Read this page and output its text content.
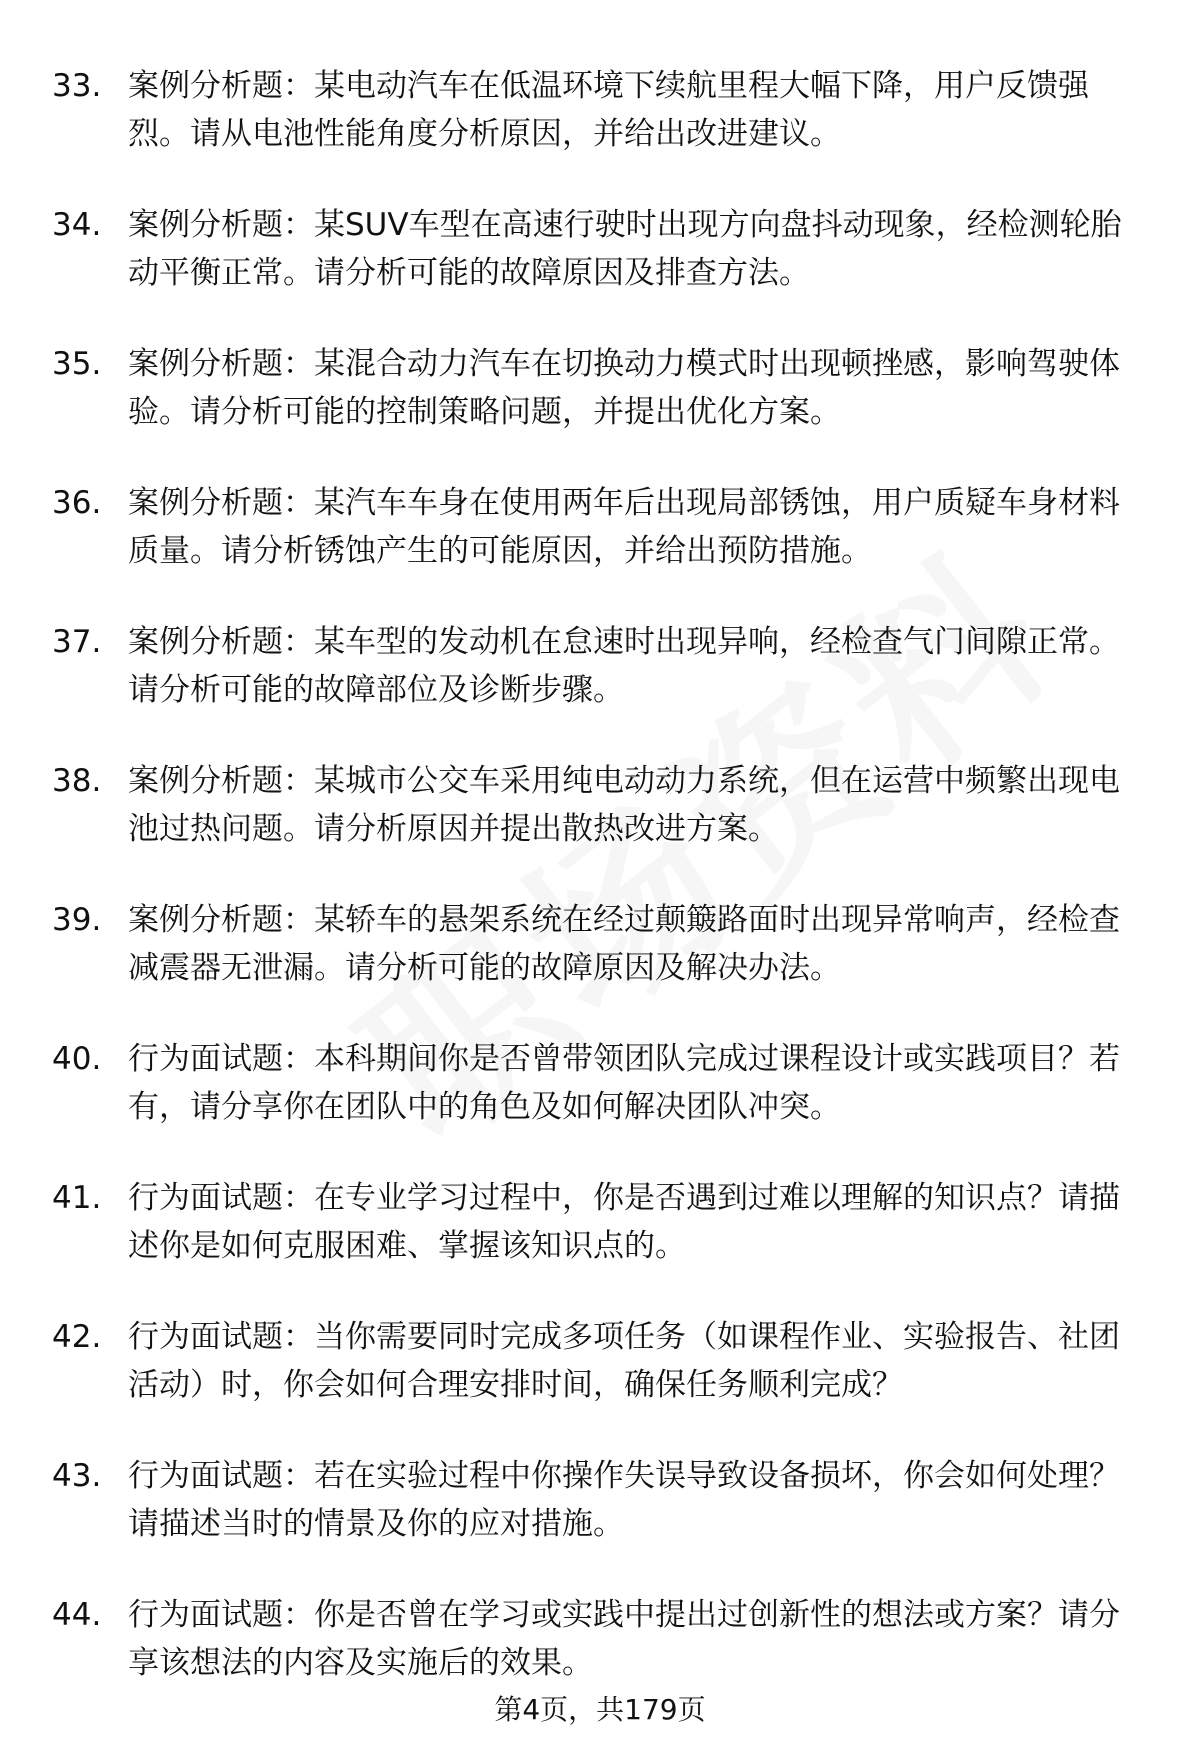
33. 案例分析题：某电动汽车在低温环境下续航里程大幅下降，用户反馈强烈。请从电池性能角度分析原因，并给出改进建议。
34. 案例分析题：某SUV车型在高速行驶时出现方向盘抖动现象，经检测轮胎动平衡正常。请分析可能的故障原因及排查方法。
35. 案例分析题：某混合动力汽车在切换动力模式时出现顿挫感，影响驾驶体验。请分析可能的控制策略问题，并提出优化方案。
36. 案例分析题：某汽车车身在使用两年后出现局部锈蚀，用户质疑车身材料质量。请分析锈蚀产生的可能原因，并给出预防措施。
37. 案例分析题：某车型的发动机在怠速时出现异响，经检查气门间隙正常。请分析可能的故障部位及诊断步骤。
38. 案例分析题：某城市公交车采用纯电动动力系统，但在运营中频繁出现电池过热问题。请分析原因并提出散热改进方案。
39. 案例分析题：某轿车的悬架系统在经过颠簸路面时出现异常响声，经检查减震器无泄漏。请分析可能的故障原因及解决办法。
40. 行为面试题：本科期间你是否曾带领团队完成过课程设计或实践项目？若有，请分享你在团队中的角色及如何解决团队冲突。
41. 行为面试题：在专业学习过程中，你是否遇到过难以理解的知识点？请描述你是如何克服困难、掌握该知识点的。
42. 行为面试题：当你需要同时完成多项任务（如课程作业、实验报告、社团活动）时，你会如何合理安排时间，确保任务顺利完成？
43. 行为面试题：若在实验过程中你操作失误导致设备损坏，你会如何处理？请描述当时的情景及你的应对措施。
44. 行为面试题：你是否曾在学习或实践中提出过创新性的想法或方案？请分享该想法的内容及实施后的效果。
第4页，共179页
